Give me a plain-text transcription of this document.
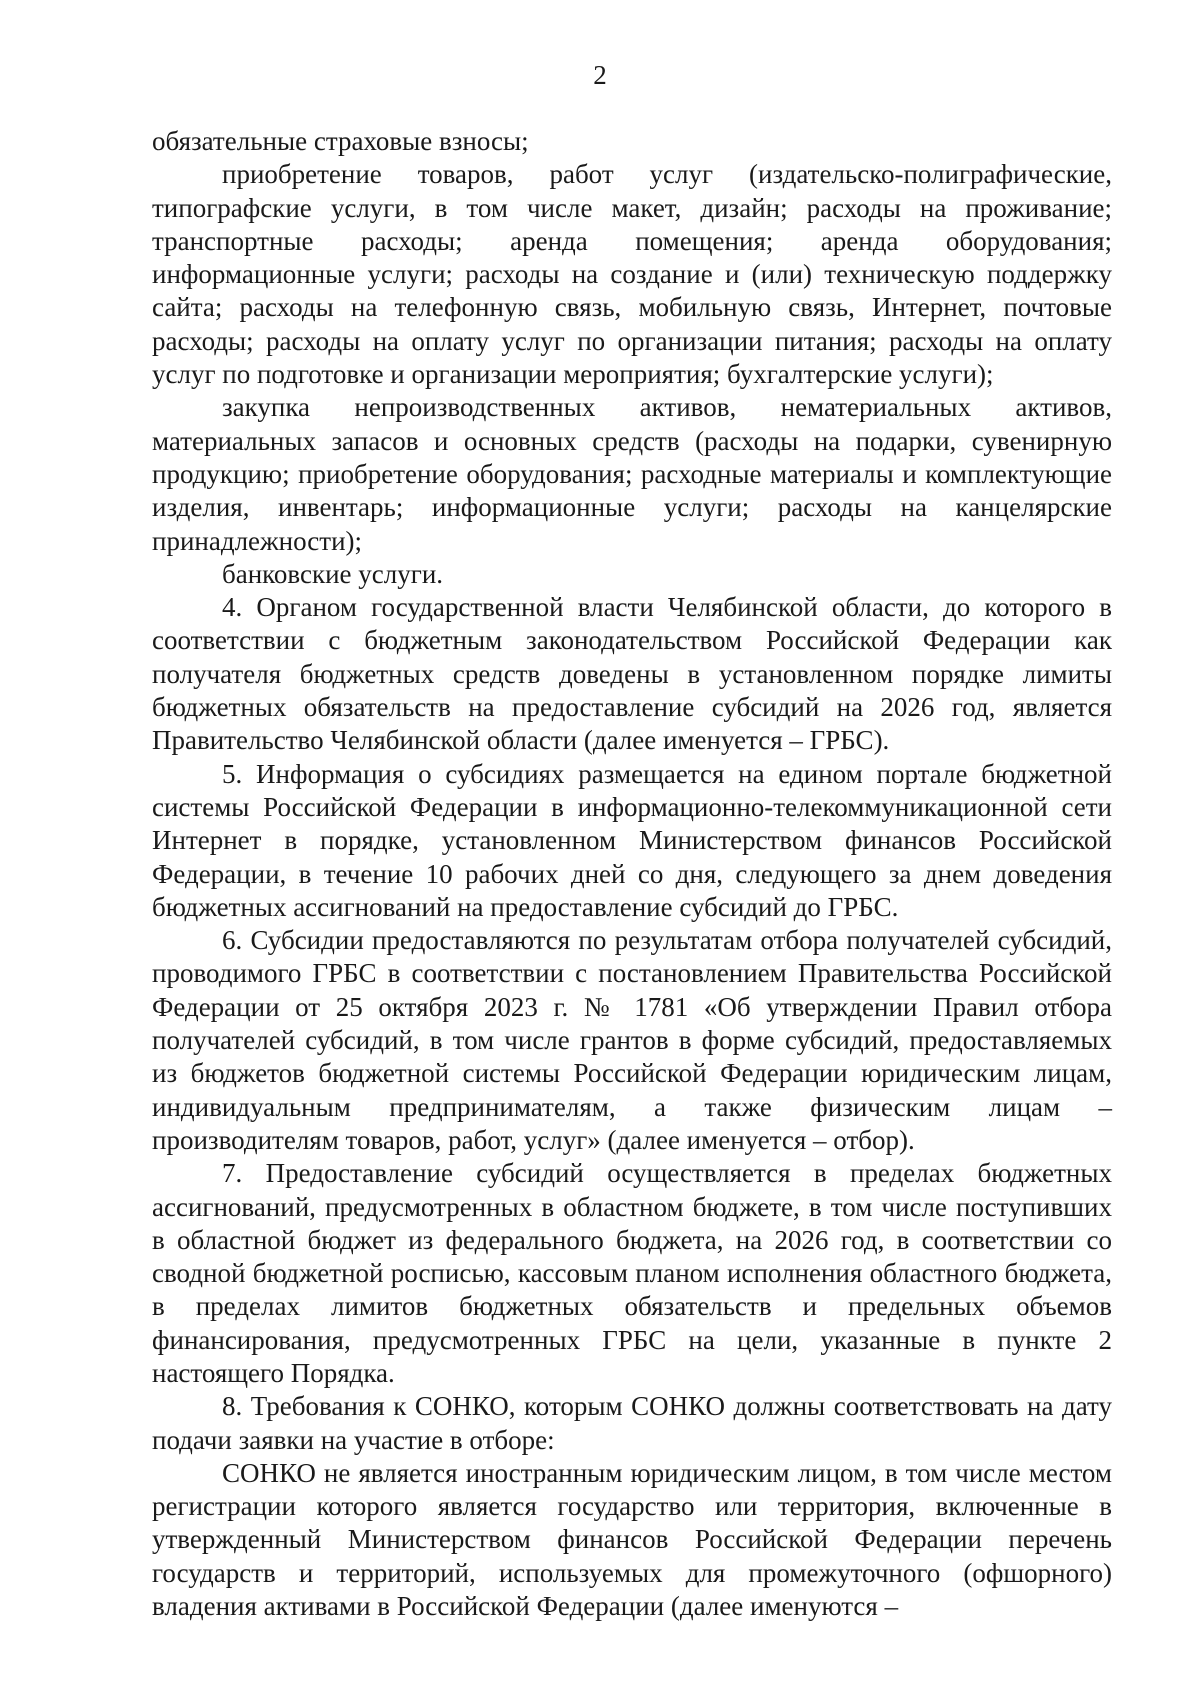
2

обязательные страховые взносы;

приобретение товаров, работ услуг (издательско-полиграфические, типографские услуги, в том числе макет, дизайн; расходы на проживание; транспортные расходы; аренда помещения; аренда оборудования; информационные услуги; расходы на создание и (или) техническую поддержку сайта; расходы на телефонную связь, мобильную связь, Интернет, почтовые расходы; расходы на оплату услуг по организации питания; расходы на оплату услуг по подготовке и организации мероприятия; бухгалтерские услуги);

закупка непроизводственных активов, нематериальных активов, материальных запасов и основных средств (расходы на подарки, сувенирную продукцию; приобретение оборудования; расходные материалы и комплектующие изделия, инвентарь; информационные услуги; расходы на канцелярские принадлежности);

банковские услуги.

4. Органом государственной власти Челябинской области, до которого в соответствии с бюджетным законодательством Российской Федерации как получателя бюджетных средств доведены в установленном порядке лимиты бюджетных обязательств на предоставление субсидий на 2026 год, является Правительство Челябинской области (далее именуется – ГРБС).

5. Информация о субсидиях размещается на едином портале бюджетной системы Российской Федерации в информационно-телекоммуникационной сети Интернет в порядке, установленном Министерством финансов Российской Федерации, в течение 10 рабочих дней со дня, следующего за днем доведения бюджетных ассигнований на предоставление субсидий до ГРБС.

6. Субсидии предоставляются по результатам отбора получателей субсидий, проводимого ГРБС в соответствии с постановлением Правительства Российской Федерации от 25 октября 2023 г. № 1781 «Об утверждении Правил отбора получателей субсидий, в том числе грантов в форме субсидий, предоставляемых из бюджетов бюджетной системы Российской Федерации юридическим лицам, индивидуальным предпринимателям, а также физическим лицам – производителям товаров, работ, услуг» (далее именуется – отбор).

7. Предоставление субсидий осуществляется в пределах бюджетных ассигнований, предусмотренных в областном бюджете, в том числе поступивших в областной бюджет из федерального бюджета, на 2026 год, в соответствии со сводной бюджетной росписью, кассовым планом исполнения областного бюджета, в пределах лимитов бюджетных обязательств и предельных объемов финансирования, предусмотренных ГРБС на цели, указанные в пункте 2 настоящего Порядка.

8. Требования к СОНКО, которым СОНКО должны соответствовать на дату подачи заявки на участие в отборе:

СОНКО не является иностранным юридическим лицом, в том числе местом регистрации которого является государство или территория, включенные в утвержденный Министерством финансов Российской Федерации перечень государств и территорий, используемых для промежуточного (офшорного) владения активами в Российской Федерации (далее именуются –
